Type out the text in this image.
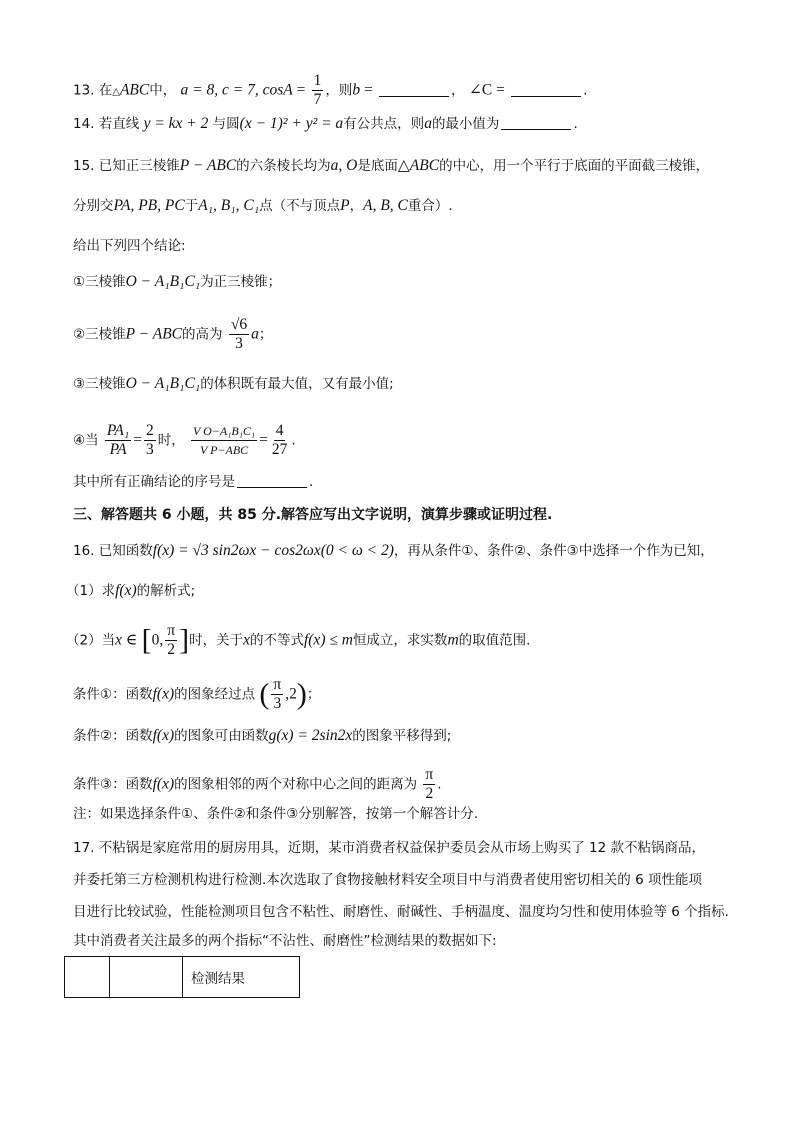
13. 在△ABC中， a = 8, c = 7, $\cos A = \frac{1}{7}$ ，则b =	， ∠C =	.
14. 若直线 y = kx + 2 与圆(x − 1)² + y² = a有公共点，则a的最小值为	.
15. 已知正三棱锥P − ABC的六条棱长均为a, O是底面△ABC的中心，用一个平行于底面的平面截三棱锥，
分别交PA, PB, PC于A₁, B₁, C₁点（不与顶点P，A, B, C重合）.
给出下列四个结论:
①三棱锥O − A₁B₁C₁为正三棱锥；
②三棱锥P − ABC的高为 $\frac{√6}{3}$ a；
③三棱锥O − A₁B₁C₁的体积既有最大值，又有最小值;
④当 $\frac{\text{PA₁}}{PA} = \frac{2}{3}$ 时， $\frac{\text{V O−A₁B₁C₁}}{\text{V P−ABC}} = \frac{4}{27}$ .
其中所有正确结论的序号是	.
三、解答题共 6 小题，共 85 分.解答应写出文字说明，演算步骤或证明过程.
16. 已知函数f(x) = √3 sin2ωx − cos2ωx(0 < ω < 2)，再从条件①、条件②、条件③中选择一个作为已知，
（1）求f(x)的解析式;
（2）当x ∈ [0, $\frac{\pi}{2}$ ]时，关于x的不等式f(x) ≤ m恒成立，求实数m的取值范围.
条件①：函数f(x)的图象经过点 ( $\frac{\pi}{3} ,2$)；
条件②：函数f(x)的图象可由函数g(x) = 2sin2x的图象平移得到;
条件③：函数f(x)的图象相邻的两个对称中心之间的距离为 $\frac{\pi}{2}$ .
注：如果选择条件①、条件②和条件③分别解答，按第一个解答计分.
17. 不粘锅是家庭常用的厨房用具，近期，某市消费者权益保护委员会从市场上购买了 12 款不粘锅商品，
并委托第三方检测机构进行检测.本次选取了食物接触材料安全项目中与消费者使用密切相关的 6 项性能项
目进行比较试验，性能检测项目包含不粘性、耐磨性、耐碱性、手柄温度、温度均匀性和使用体验等 6 个指标.
其中消费者关注最多的两个指标“不沾性、耐磨性”检测结果的数据如下:
		检测结果
